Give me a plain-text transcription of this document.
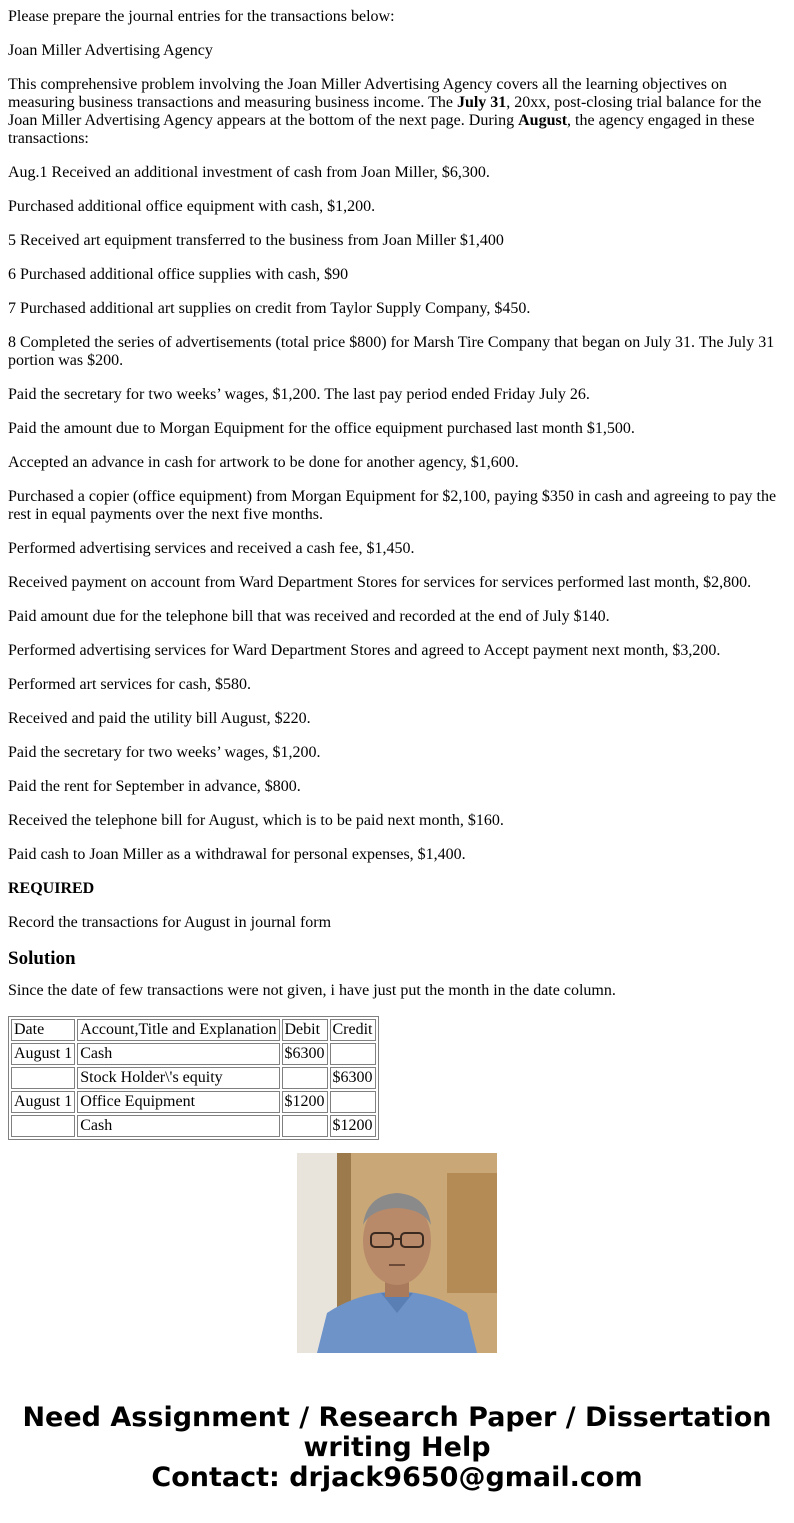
Please prepare the journal entries for the transactions below:

Joan Miller Advertising Agency

This comprehensive problem involving the Joan Miller Advertising Agency covers all the learning objectives on measuring business transactions and measuring business income. The July 31, 20xx, post-closing trial balance for the Joan Miller Advertising Agency appears at the bottom of the next page. During August, the agency engaged in these transactions:

Aug.1 Received an additional investment of cash from Joan Miller, $6,300.

Purchased additional office equipment with cash, $1,200.

5 Received art equipment transferred to the business from Joan Miller $1,400

6 Purchased additional office supplies with cash, $90

7 Purchased additional art supplies on credit from Taylor Supply Company, $450.

8 Completed the series of advertisements (total price $800) for Marsh Tire Company that began on July 31. The July 31 portion was $200.

Paid the secretary for two weeks’ wages, $1,200. The last pay period ended Friday July 26.

Paid the amount due to Morgan Equipment for the office equipment purchased last month $1,500.

Accepted an advance in cash for artwork to be done for another agency, $1,600.

Purchased a copier (office equipment) from Morgan Equipment for $2,100, paying $350 in cash and agreeing to pay the rest in equal payments over the next five months.

Performed advertising services and received a cash fee, $1,450.

Received payment on account from Ward Department Stores for services for services performed last month, $2,800.

Paid amount due for the telephone bill that was received and recorded at the end of July $140.

Performed advertising services for Ward Department Stores and agreed to Accept payment next month, $3,200.

Performed art services for cash, $580.

Received and paid the utility bill August, $220.

Paid the secretary for two weeks’ wages, $1,200.

Paid the rent for September in advance, $800.

Received the telephone bill for August, which is to be paid next month, $160.

Paid cash to Joan Miller as a withdrawal for personal expenses, $1,400.

REQUIRED

Record the transactions for August in journal form

Solution

Since the date of few transactions were not given, i have just put the month in the date column.

Date	Account,Title and Explanation	Debit	Credit
August 1	Cash	$6300	
	Stock Holder\'s equity		$6300
August 1	Office Equipment	$1200	
	Cash		$1200
Need Assignment / Research Paper / Dissertation
writing Help
Contact: drjack9650@gmail.com
